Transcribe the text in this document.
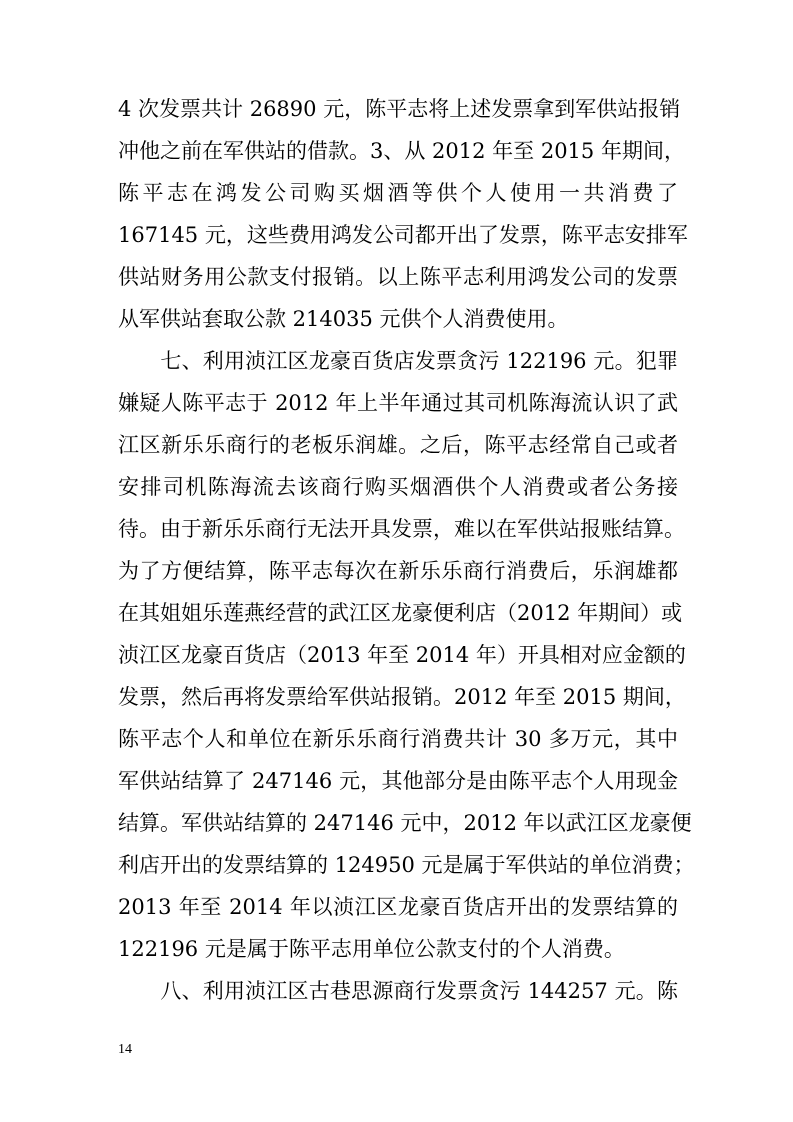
4 次发票共计 26890 元，陈平志将上述发票拿到军供站报销
冲他之前在军供站的借款。3、从 2012 年至 2015 年期间，
陈平志在鸿发公司购买烟酒等供个人使用一共消费了
167145 元，这些费用鸿发公司都开出了发票，陈平志安排军
供站财务用公款支付报销。以上陈平志利用鸿发公司的发票
从军供站套取公款 214035 元供个人消费使用。
　　七、利用浈江区龙豪百货店发票贪污 122196 元。犯罪
嫌疑人陈平志于 2012 年上半年通过其司机陈海流认识了武
江区新乐乐商行的老板乐润雄。之后，陈平志经常自己或者
安排司机陈海流去该商行购买烟酒供个人消费或者公务接
待。由于新乐乐商行无法开具发票，难以在军供站报账结算。
为了方便结算，陈平志每次在新乐乐商行消费后，乐润雄都
在其姐姐乐莲燕经营的武江区龙豪便利店（2012 年期间）或
浈江区龙豪百货店（2013 年至 2014 年）开具相对应金额的
发票，然后再将发票给军供站报销。2012 年至 2015 期间，
陈平志个人和单位在新乐乐商行消费共计 30 多万元，其中
军供站结算了 247146 元，其他部分是由陈平志个人用现金
结算。军供站结算的 247146 元中，2012 年以武江区龙豪便
利店开出的发票结算的 124950 元是属于军供站的单位消费；
2013 年至 2014 年以浈江区龙豪百货店开出的发票结算的
122196 元是属于陈平志用单位公款支付的个人消费。
　　八、利用浈江区古巷思源商行发票贪污 144257 元。陈
14
